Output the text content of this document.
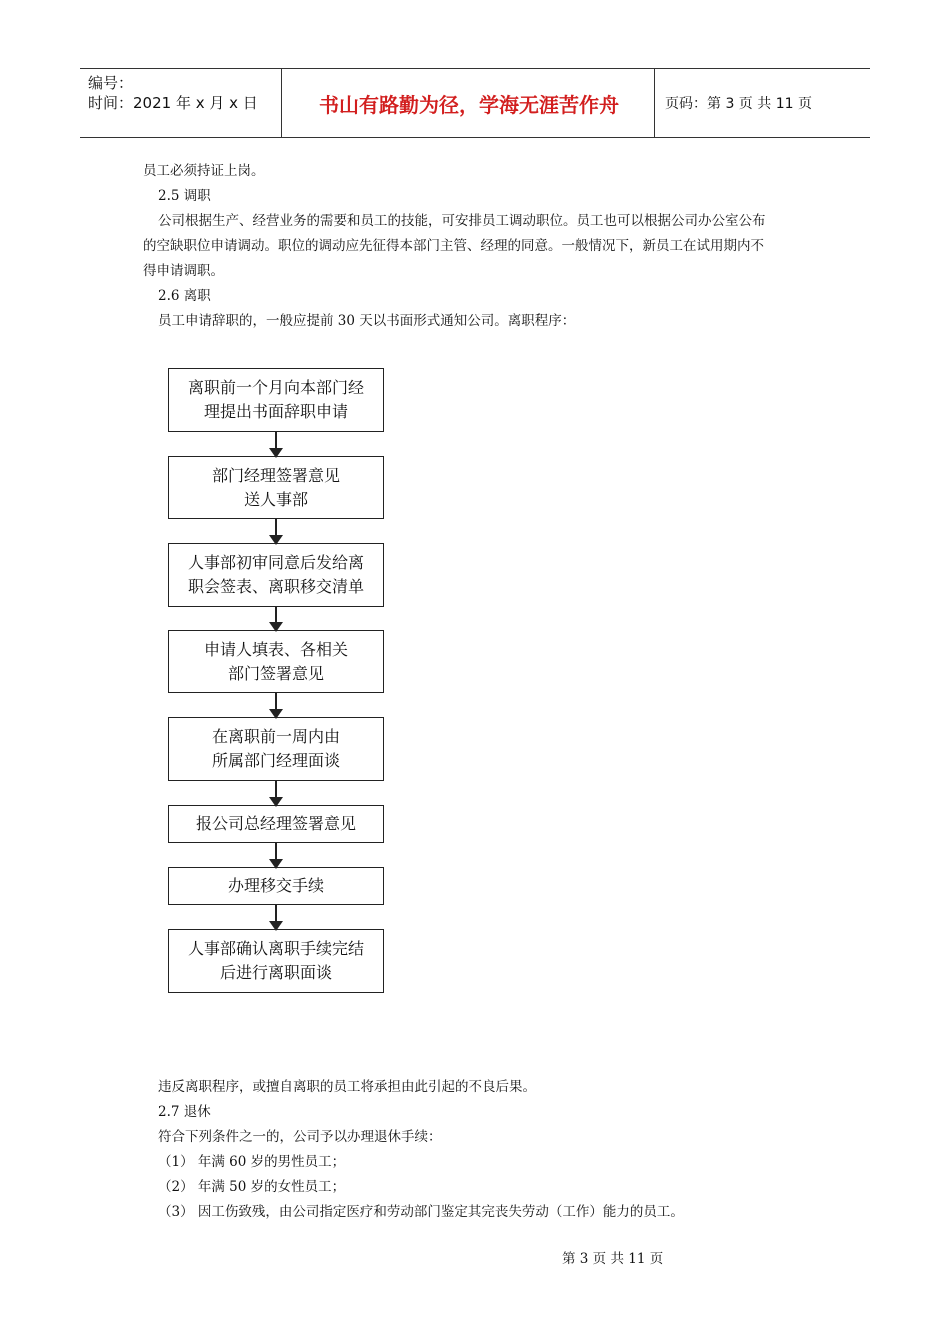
编号：
时间：2021 年 x 月 x 日	书山有路勤为径，学海无涯苦作舟	页码：第 3 页 共 11 页
员工必须持证上岗。
2.5 调职
公司根据生产、经营业务的需要和员工的技能，可安排员工调动职位。员工也可以根据公司办公室公布
的空缺职位申请调动。职位的调动应先征得本部门主管、经理的同意。一般情况下，新员工在试用期内不
得申请调职。
2.6 离职
员工申请辞职的，一般应提前 30 天以书面形式通知公司。离职程序：
离职前一个月向本部门经
理提出书面辞职申请
部门经理签署意见
送人事部
人事部初审同意后发给离
职会签表、离职移交清单
申请人填表、各相关
部门签署意见
在离职前一周内由
所属部门经理面谈
报公司总经理签署意见
办理移交手续
人事部确认离职手续完结
后进行离职面谈
违反离职程序，或擅自离职的员工将承担由此引起的不良后果。
2.7 退休
符合下列条件之一的，公司予以办理退休手续：
（1） 年满 60 岁的男性员工；
（2） 年满 50 岁的女性员工；
（3） 因工伤致残，由公司指定医疗和劳动部门鉴定其完丧失劳动（工作）能力的员工。
第 3 页 共 11 页
